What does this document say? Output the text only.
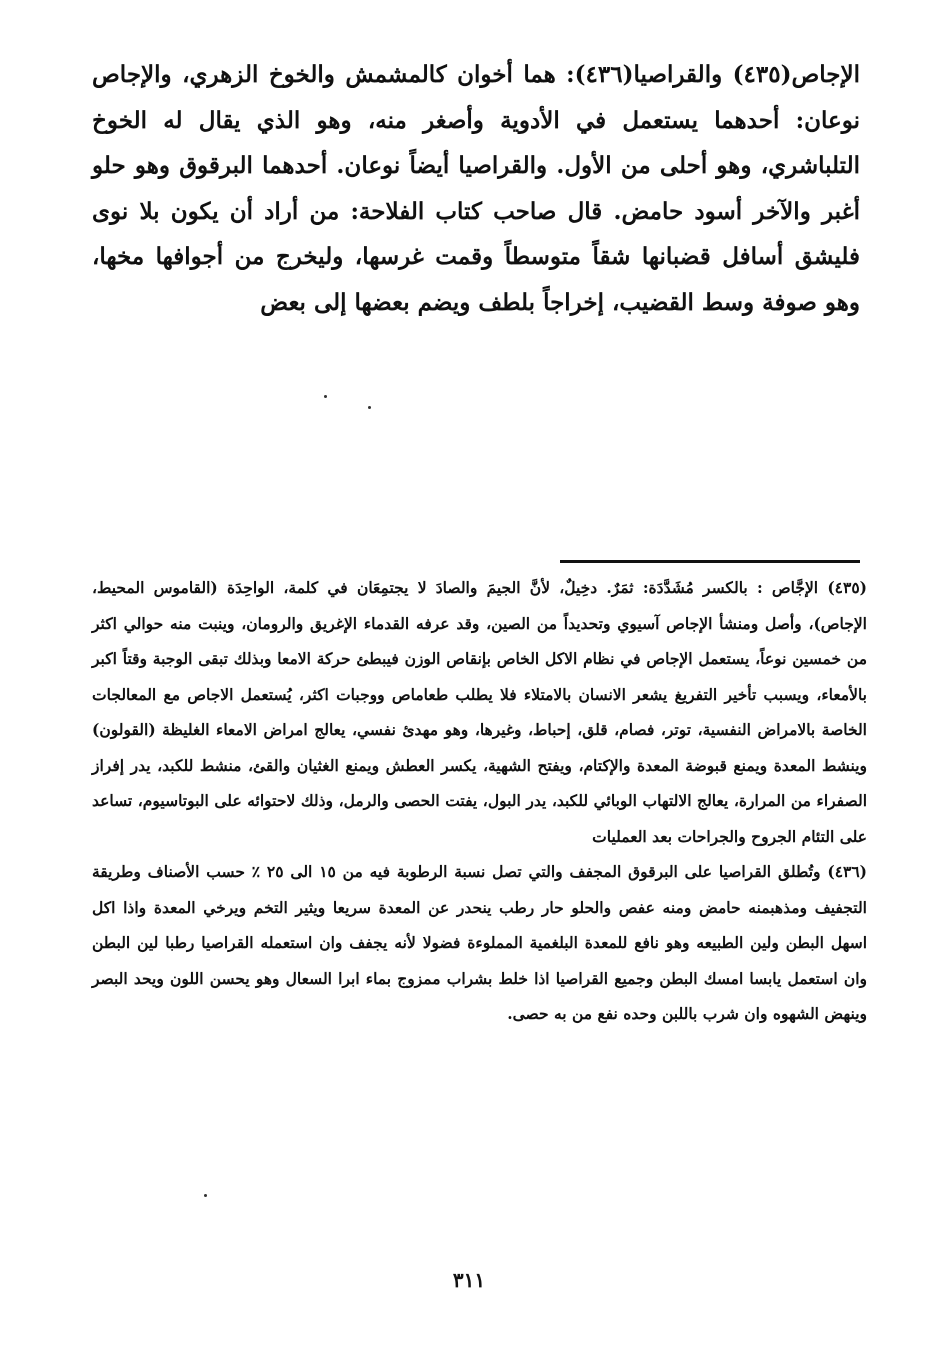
الإجاص(٤٣٥) والقراصيا(٤٣٦): هما أخوان كالمشمش والخوخ الزهري، والإجاص نوعان: أحدهما يستعمل في الأدوية وأصغر منه، وهو الذي يقال له الخوخ التلباشري، وهو أحلى من الأول. والقراصيا أيضاً نوعان. أحدهما البرقوق وهو حلو أغبر والآخر أسود حامض. قال صاحب كتاب الفلاحة: من أراد أن يكون بلا نوى فليشق أسافل قضبانها شقاً متوسطاً وقمت غرسها، وليخرج من أجوافها مخها، وهو صوفة وسط القضيب، إخراجاً بلطف ويضم بعضها إلى بعض

(٤٣٥) الإجَّاص : بالكسر مُشَدَّدَة: ثمَرٌ. دخِيلٌ، لأنَّ الجيمَ والصادَ لا يجتمِعَان في كلمة، الواحِدَة (القاموس المحيط، الإجاص)، وأصل ومنشأ الإجاص آسيوي وتحديداً من الصين، وقد عرفه القدماء الإغريق والرومان، وينبت منه حوالي اكثر من خمسين نوعاً، يستعمل الإجاص في نظام الاكل الخاص بإنقاص الوزن فيبطئ حركة الامعا وبذلك تبقى الوجبة وقتاً اكبر بالأمعاء، ويسبب تأخير التفريغ يشعر الانسان بالامتلاء فلا يطلب طعاماص ووجبات اكثر، يُستعمل الاجاص مع المعالجات الخاصة بالامراض النفسية، توتر، فصام، قلق، إحباط، وغيرها، وهو مهدئ نفسي، يعالج امراض الامعاء الغليظة (القولون) وينشط المعدة ويمنع قبوضة المعدة والإكتام، ويفتح الشهية، يكسر العطش ويمنع الغثيان والقئ، منشط للكبد، يدر إفراز الصفراء من المرارة، يعالج الالتهاب الوبائي للكبد، يدر البول، يفتت الحصى والرمل، وذلك لاحتوائه على البوتاسيوم، تساعد على التئام الجروح والجراحات بعد العمليات

(٤٣٦) وتُطلق القراصيا على البرقوق المجفف والتي تصل نسبة الرطوبة فيه من ١٥ الى ٢٥ ٪ حسب الأصناف وطريقة التجفيف ومذهبمنه حامض ومنه عفص والحلو حار رطب ينحدر عن المعدة سريعا ويثير التخم ويرخي المعدة واذا اكل اسهل البطن ولين الطبيعه وهو نافع للمعدة البلغمية المملوءة فضولا لأنه يجفف وان استعمله القراصيا رطبا لين البطن وان استعمل يابسا امسك البطن وجميع القراصيا اذا خلط بشراب ممزوج بماء ابرا السعال وهو يحسن اللون ويحد البصر وينهض الشهوه وان شرب باللبن وحده نفع من به حصى.

٣١١
